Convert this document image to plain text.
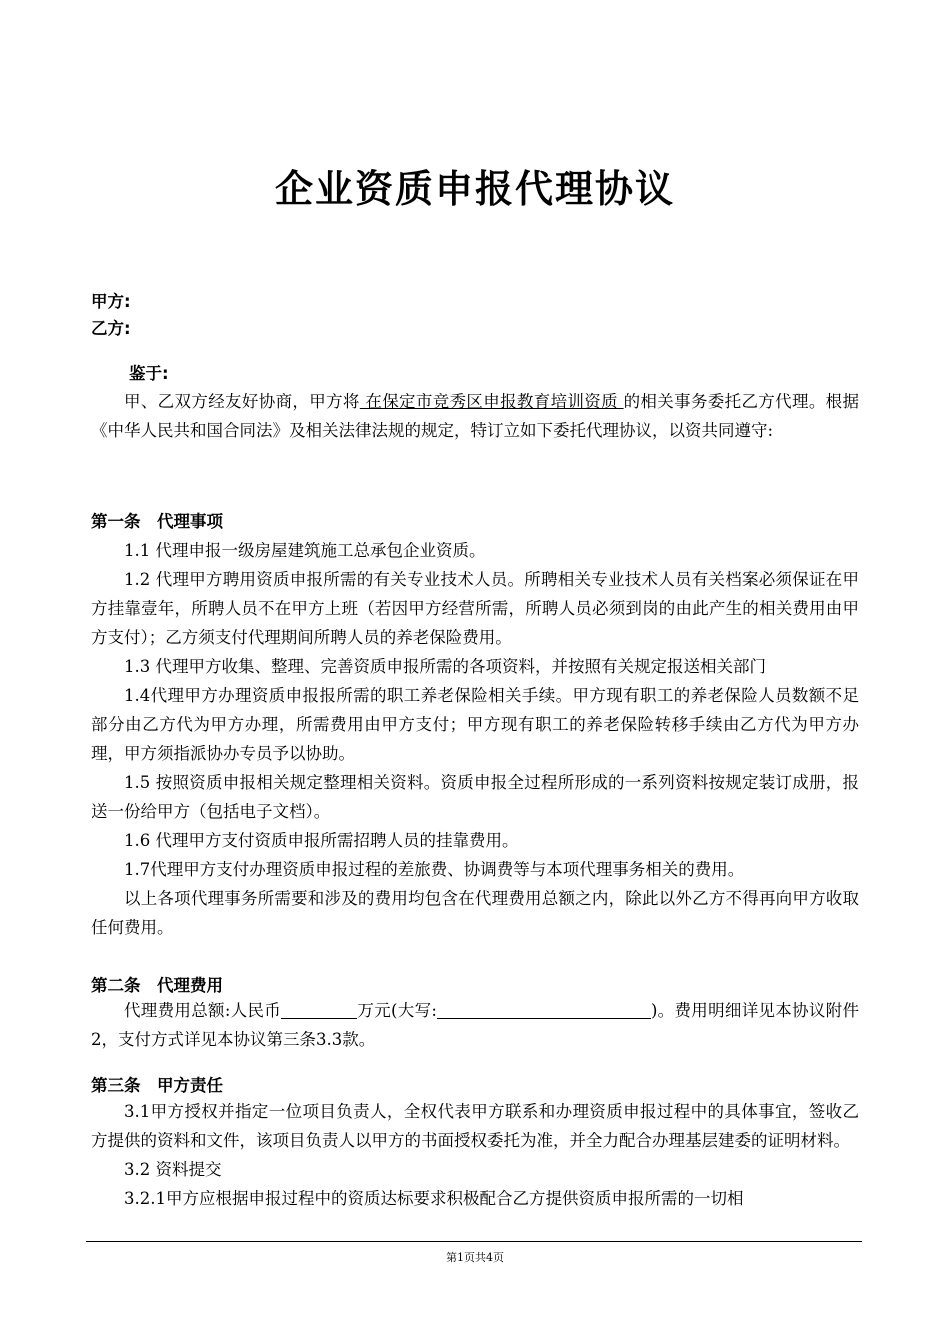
企业资质申报代理协议
甲方:
乙方:
鉴于:
甲、乙双方经友好协商，甲方将 在保定市竞秀区申报教育培训资质 的相关事务委托乙方代理。根据《中华人民共和国合同法》及相关法律法规的规定，特订立如下委托代理协议，以资共同遵守:
第一条　代理事项
1.1 代理申报一级房屋建筑施工总承包企业资质。
1.2 代理甲方聘用资质申报所需的有关专业技术人员。所聘相关专业技术人员有关档案必须保证在甲方挂靠壹年，所聘人员不在甲方上班（若因甲方经营所需，所聘人员必须到岗的由此产生的相关费用由甲方支付）；乙方须支付代理期间所聘人员的养老保险费用。
1.3 代理甲方收集、整理、完善资质申报所需的各项资料，并按照有关规定报送相关部门
1.4代理甲方办理资质申报报所需的职工养老保险相关手续。甲方现有职工的养老保险人员数额不足部分由乙方代为甲方办理，所需费用由甲方支付；甲方现有职工的养老保险转移手续由乙方代为甲方办理，甲方须指派协办专员予以协助。
1.5 按照资质申报相关规定整理相关资料。资质申报全过程所形成的一系列资料按规定装订成册，报送一份给甲方（包括电子文档）。
1.6 代理甲方支付资质申报所需招聘人员的挂靠费用。
1.7代理甲方支付办理资质申报过程的差旅费、协调费等与本项代理事务相关的费用。
以上各项代理事务所需要和涉及的费用均包含在代理费用总额之内，除此以外乙方不得再向甲方收取任何费用。
第二条　代理费用
代理费用总额:人民币	万元(大写:	)。费用明细详见本协议附件2，支付方式详见本协议第三条3.3款。
第三条　甲方责任
3.1甲方授权并指定一位项目负责人，全权代表甲方联系和办理资质申报过程中的具体事宜，签收乙方提供的资料和文件，该项目负责人以甲方的书面授权委托为准，并全力配合办理基层建委的证明材料。
3.2 资料提交
3.2.1甲方应根据申报过程中的资质达标要求积极配合乙方提供资质申报所需的一切相
第1页共4页
